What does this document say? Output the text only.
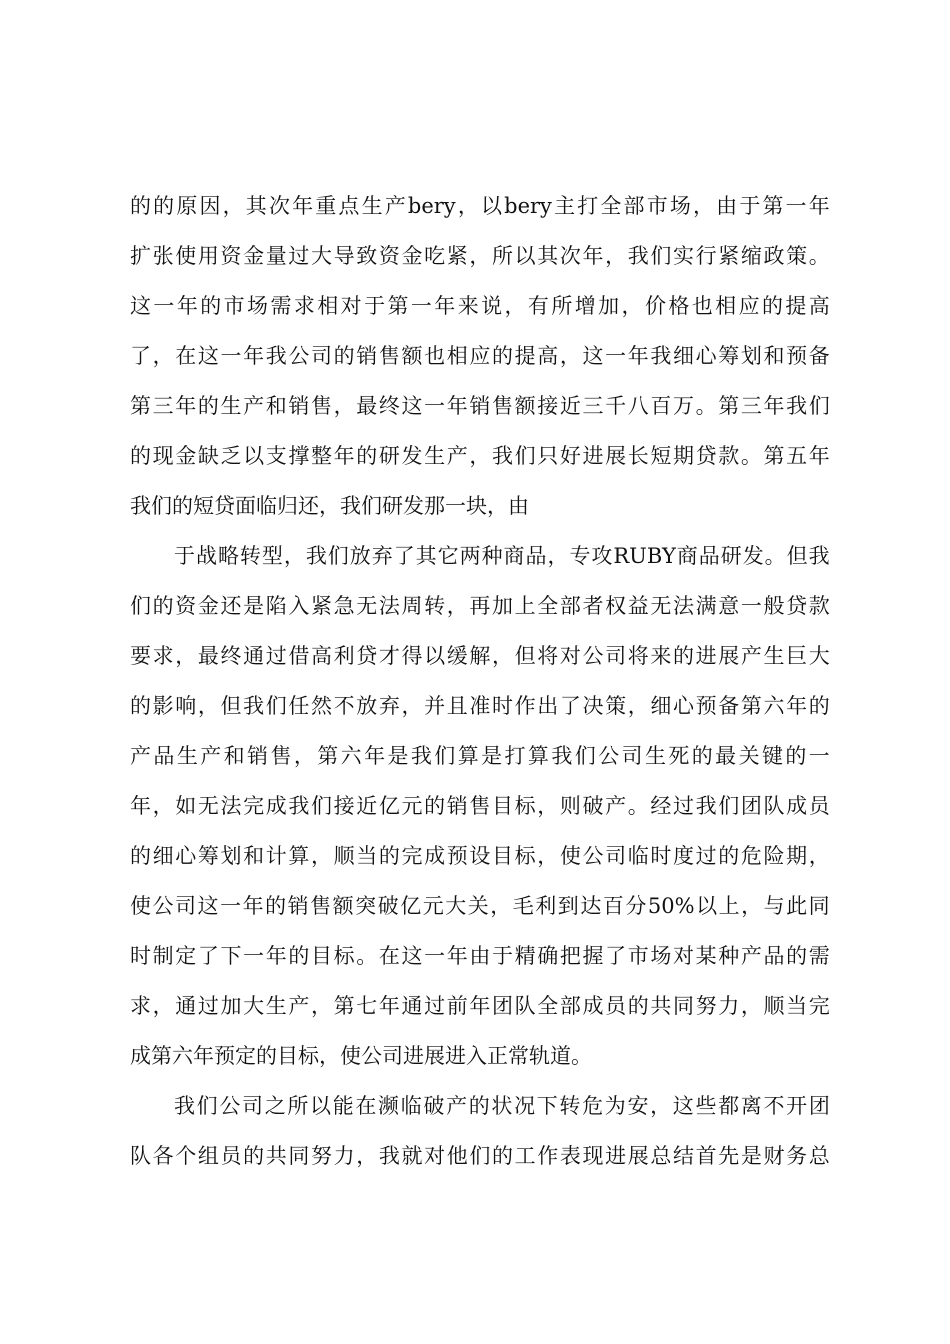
的 的 原 因 ， 其 次 年 重 点 生 产 bery ， 以 bery 主 打 全 部 市 场 ， 由 于 第 一 年
扩 张 使 用 资 金 量 过 大 导 致 资 金 吃 紧 ， 所 以 其 次 年 ， 我 们 实 行 紧 缩 政 策 。
这 一 年 的 市 场 需 求 相 对 于 第 一 年 来 说 ， 有 所 增 加 ， 价 格 也 相 应 的 提 高
了 ， 在 这 一 年 我 公 司 的 销 售 额 也 相 应 的 提 高 ， 这 一 年 我 细 心 筹 划 和 预 备
第 三 年 的 生 产 和 销 售 ， 最 终 这 一 年 销 售 额 接 近 三 千 八 百 万 。 第 三 年 我 们
的 现 金 缺 乏 以 支 撑 整 年 的 研 发 生 产 ， 我 们 只 好 进 展 长 短 期 贷 款 。 第 五 年
我们的短贷面临归还，我们研发那一块，由
于 战 略 转 型 ， 我 们 放 弃 了 其 它 两 种 商 品 ， 专 攻 RUBY 商 品 研 发 。 但 我
们 的 资 金 还 是 陷 入 紧 急 无 法 周 转 ， 再 加 上 全 部 者 权 益 无 法 满 意 一 般 贷 款
要 求 ， 最 终 通 过 借 高 利 贷 才 得 以 缓 解 ， 但 将 对 公 司 将 来 的 进 展 产 生 巨 大
的 影 响 ， 但 我 们 任 然 不 放 弃 ， 并 且 准 时 作 出 了 决 策 ， 细 心 预 备 第 六 年 的
产 品 生 产 和 销 售 ， 第 六 年 是 我 们 算 是 打 算 我 们 公 司 生 死 的 最 关 键 的 一
年 ， 如 无 法 完 成 我 们 接 近 亿 元 的 销 售 目 标 ， 则 破 产 。 经 过 我 们 团 队 成 员
的 细 心 筹 划 和 计 算 ， 顺 当 的 完 成 预 设 目 标 ， 使 公 司 临 时 度 过 的 危 险 期 ，
使 公 司 这 一 年 的 销 售 额 突 破 亿 元 大 关 ， 毛 利 到 达 百 分 50% 以 上 ， 与 此 同
时 制 定 了 下 一 年 的 目 标 。 在 这 一 年 由 于 精 确 把 握 了 市 场 对 某 种 产 品 的 需
求 ， 通 过 加 大 生 产 ， 第 七 年 通 过 前 年 团 队 全 部 成 员 的 共 同 努 力 ， 顺 当 完
成第六年预定的目标，使公司进展进入正常轨道。
我 们 公 司 之 所 以 能 在 濒 临 破 产 的 状 况 下 转 危 为 安 ， 这 些 都 离 不 开 团
队 各 个 组 员 的 共 同 努 力 ， 我 就 对 他 们 的 工 作 表 现 进 展 总 结 首 先 是 财 务 总
